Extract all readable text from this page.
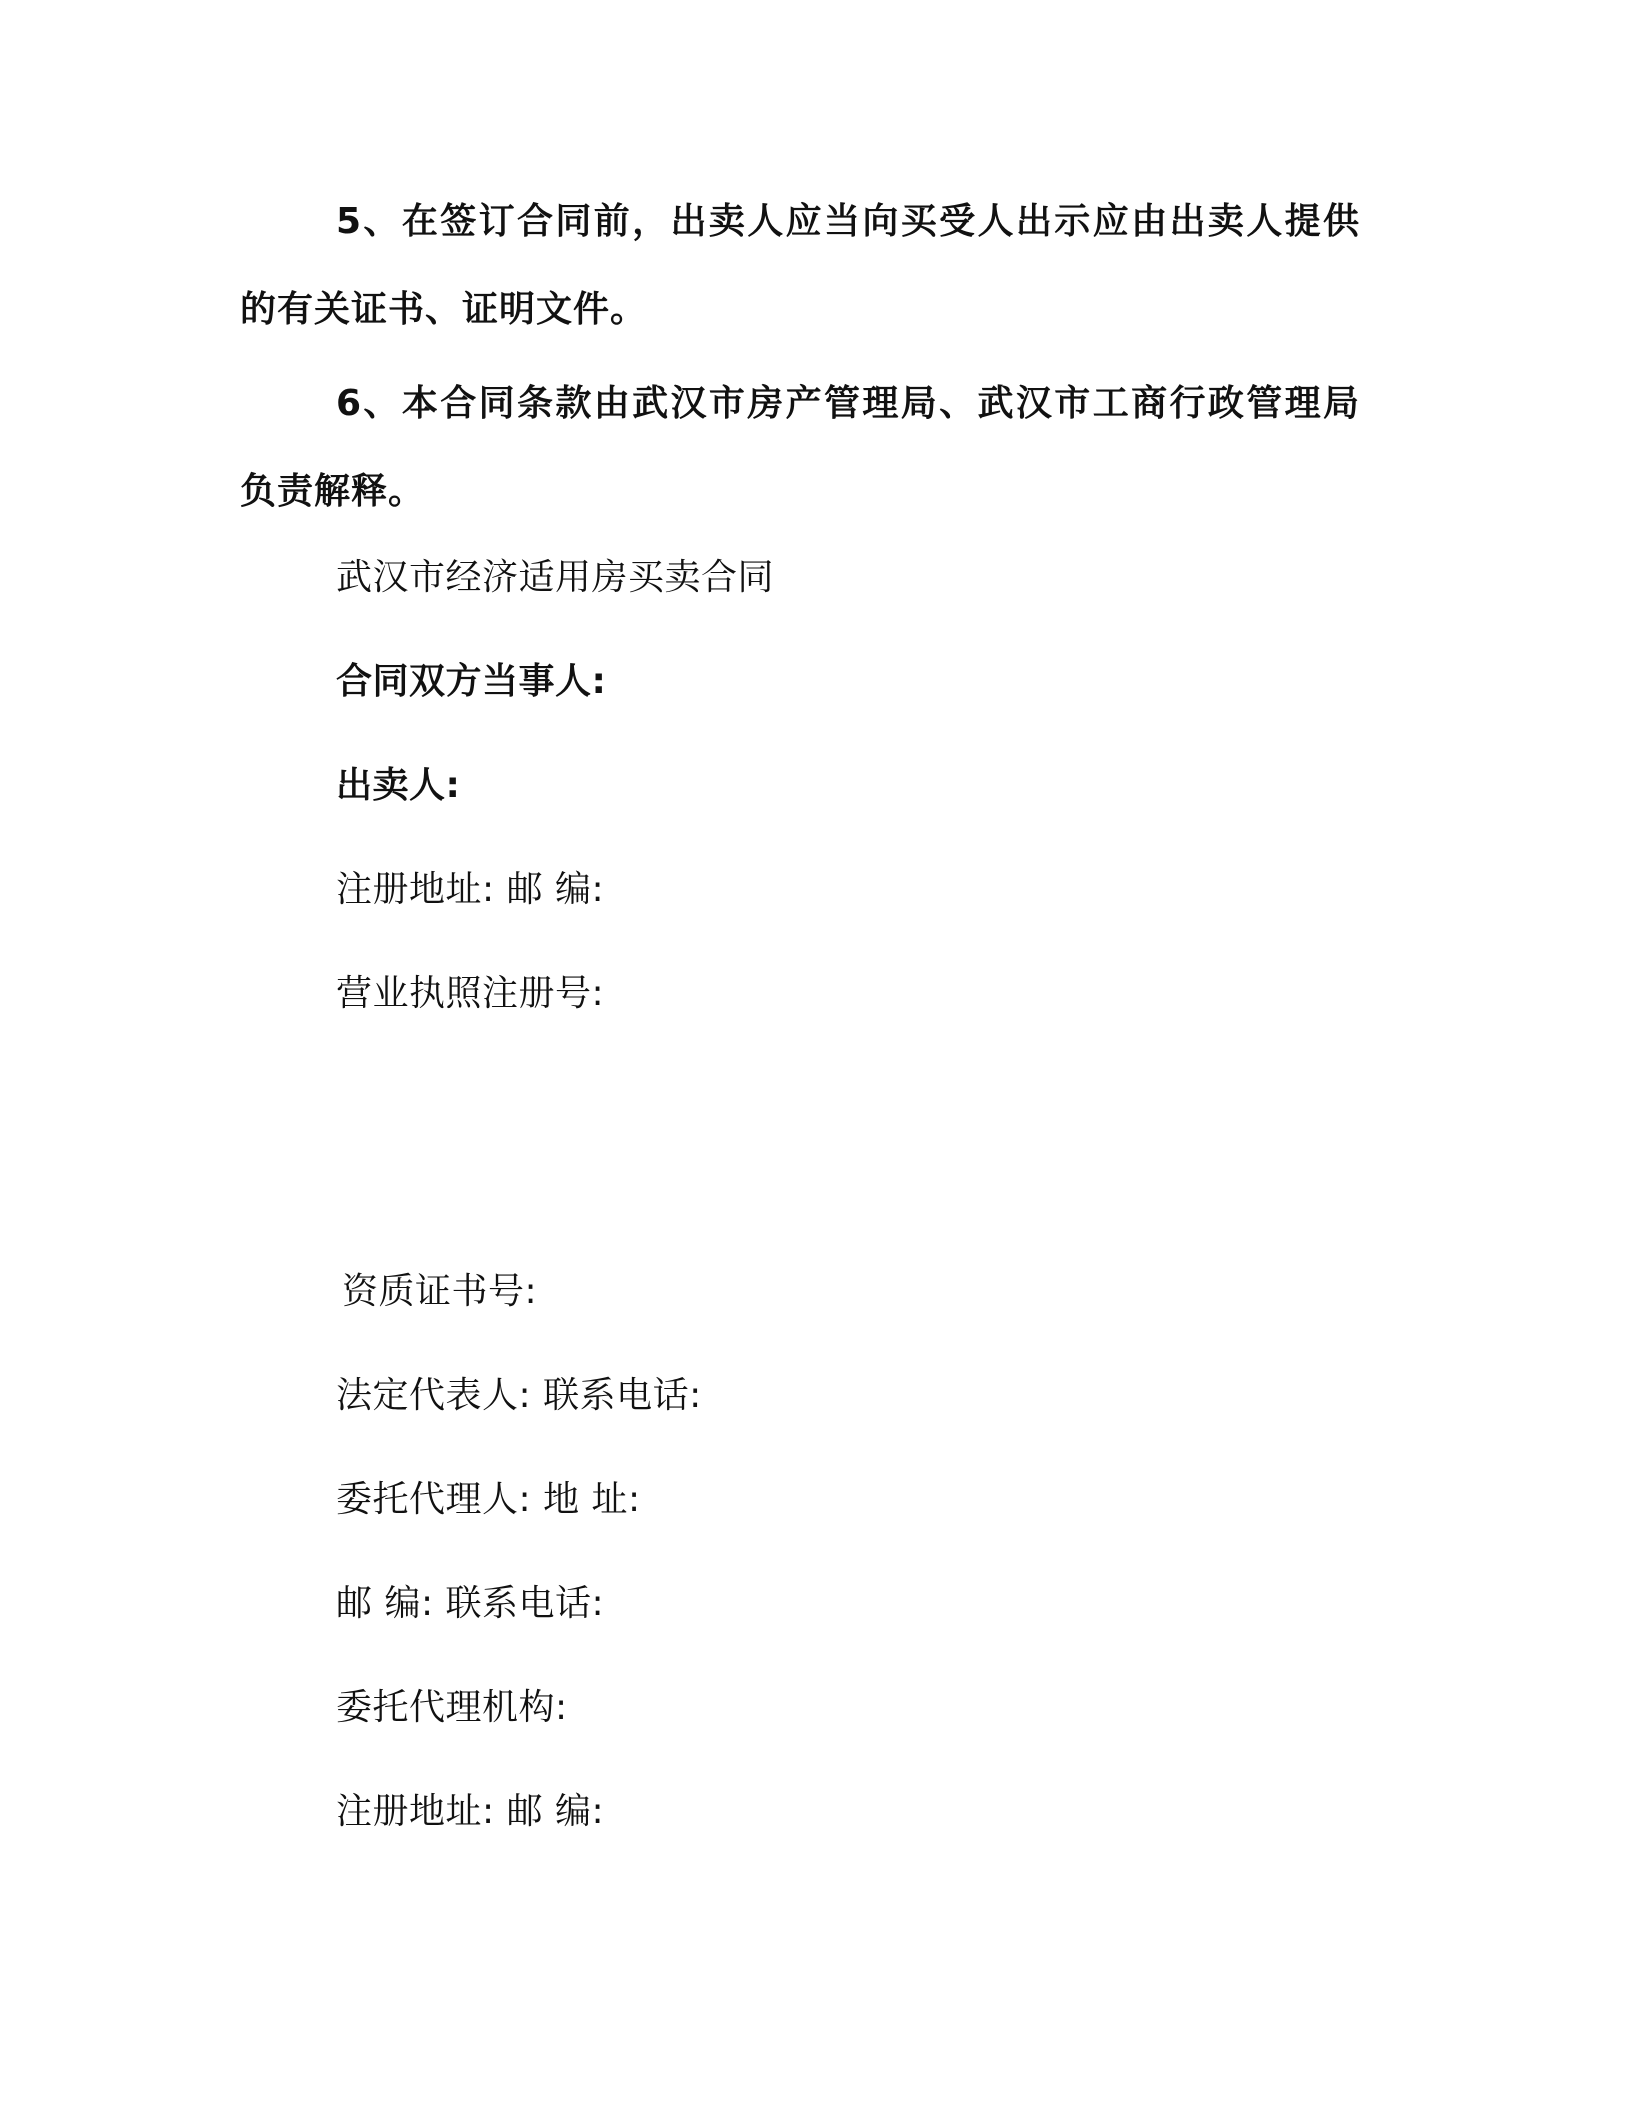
5、在签订合同前，出卖人应当向买受人出示应由出卖人提供的有关证书、证明文件。
6、本合同条款由武汉市房产管理局、武汉市工商行政管理局负责解释。
武汉市经济适用房买卖合同
合同双方当事人:
出卖人:
注册地址: 邮 编:
营业执照注册号:
资质证书号:
法定代表人: 联系电话:
委托代理人: 地 址:
邮 编: 联系电话:
委托代理机构:
注册地址: 邮 编:
